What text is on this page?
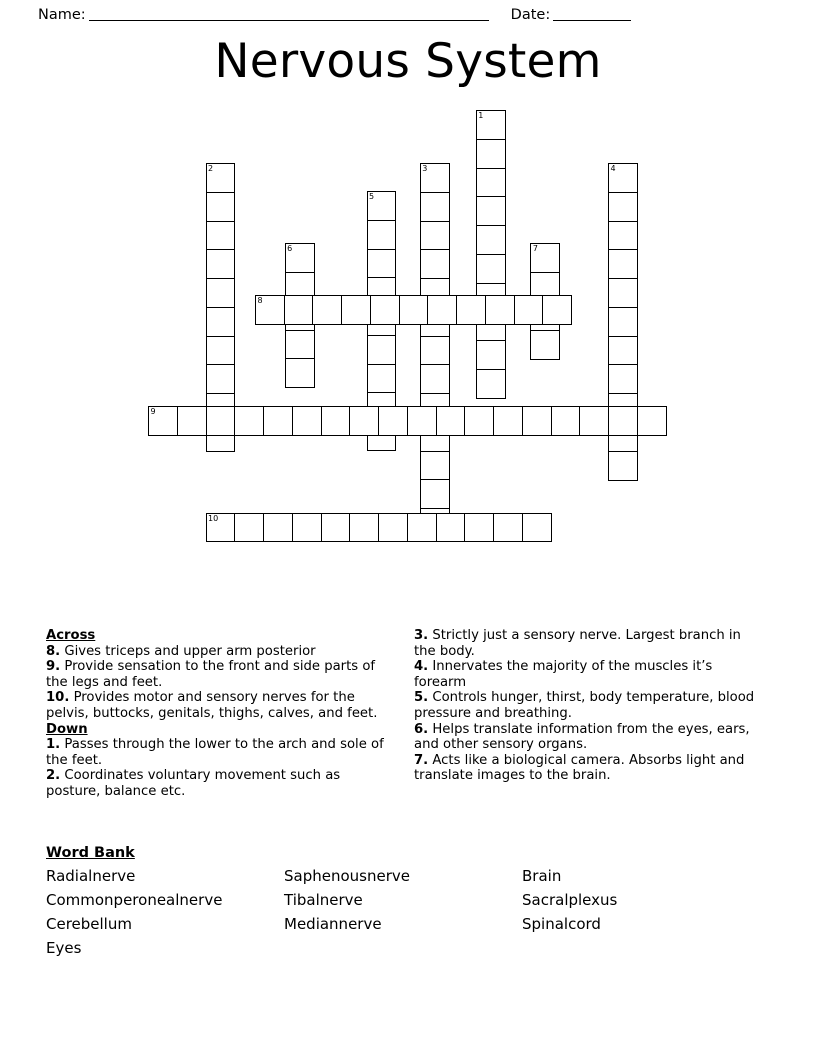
Name:	Date:
Nervous System
1
2	3	4
5
6	7
8
9
10
Across
8. Gives triceps and upper arm posterior
9. Provide sensation to the front and side parts of the legs and feet.
10. Provides motor and sensory nerves for the pelvis, buttocks, genitals, thighs, calves, and feet.
Down
1. Passes through the lower to the arch and sole of the feet.
2. Coordinates voluntary movement such as posture, balance etc.
3. Strictly just a sensory nerve. Largest branch in the body.
4. Innervates the majority of the muscles it’s forearm
5. Controls hunger, thirst, body temperature, blood pressure and breathing.
6. Helps translate information from the eyes, ears, and other sensory organs.
7. Acts like a biological camera. Absorbs light and translate images to the brain.
Word Bank
Radialnerve	Saphenousnerve	Brain
Commonperonealnerve	Tibalnerve	Sacralplexus
Cerebellum	Mediannerve	Spinalcord
Eyes
